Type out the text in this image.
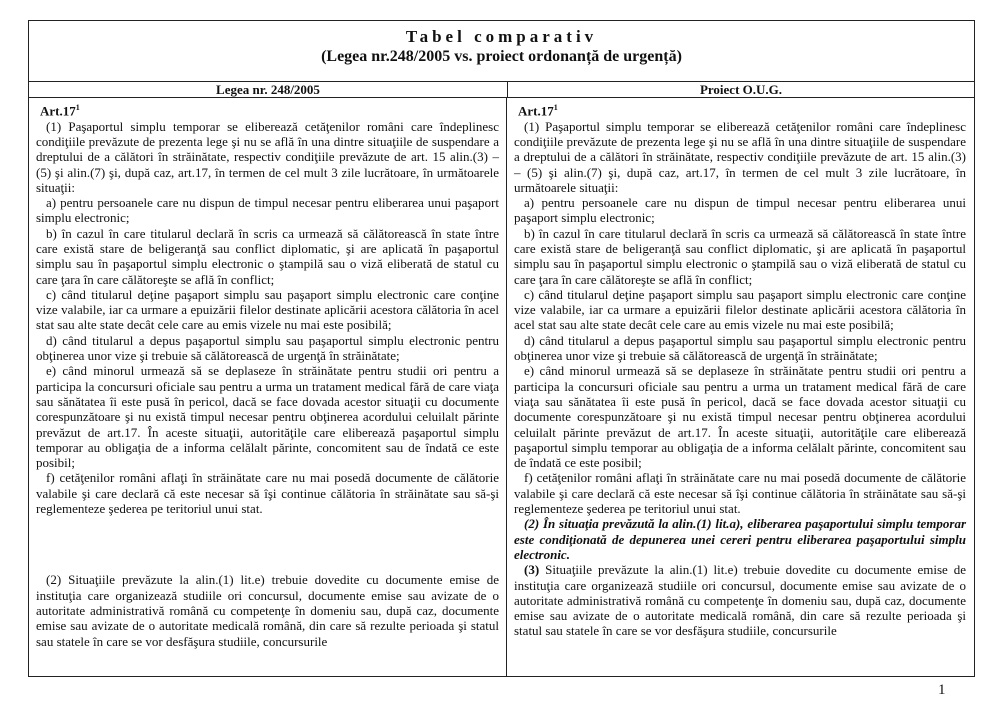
Tabel comparativ
(Legea nr.248/2005 vs. proiect ordonanță de urgență)
Legea nr. 248/2005	Proiect O.U.G.
$Art.17^1$

(1) Paşaportul simplu temporar se eliberează cetăţenilor români care îndeplinesc condiţiile prevăzute de prezenta lege şi nu se află în una dintre situaţiile de suspendare a dreptului de a călători în străinătate, respectiv condiţiile prevăzute de art. 15 alin.(3) – (5) şi alin.(7) şi, după caz, art.17, în termen de cel mult 3 zile lucrătoare, în următoarele situaţii:

a) pentru persoanele care nu dispun de timpul necesar pentru eliberarea unui paşaport simplu electronic;

b) în cazul în care titularul declară în scris ca urmează să călătorească în state între care există stare de beligeranţă sau conflict diplomatic, şi are aplicată în paşaportul simplu sau în paşaportul simplu electronic o ştampilă sau o viză eliberată de statul cu care ţara în care călătoreşte se află în conflict;

c) când titularul deţine paşaport simplu sau paşaport simplu electronic care conţine vize valabile, iar ca urmare a epuizării filelor destinate aplicării acestora călătoria în acel stat sau alte state decât cele care au emis vizele nu mai este posibilă;

d) când titularul a depus paşaportul simplu sau paşaportul simplu electronic pentru obţinerea unor vize şi trebuie să călătorească de urgenţă în străinătate;

e) când minorul urmează să se deplaseze în străinătate pentru studii ori pentru a participa la concursuri oficiale sau pentru a urma un tratament medical fără de care viaţa sau sănătatea îi este pusă în pericol, dacă se face dovada acestor situaţii cu documente corespunzătoare şi nu există timpul necesar pentru obţinerea acordului celuilalt părinte prevăzut de art.17. În aceste situaţii, autorităţile care eliberează paşaportul simplu temporar au obligaţia de a informa celălalt părinte, concomitent sau de îndată ce este posibil;

f) cetăţenilor români aflaţi în străinătate care nu mai posedă documente de călătorie valabile şi care declară că este necesar să îşi continue călătoria în străinătate sau să-şi reglementeze şederea pe teritoriul unui stat.

(2) Situaţiile prevăzute la alin.(1) lit.e) trebuie dovedite cu documente emise de instituţia care organizează studiile ori concursul, documente emise sau avizate de o autoritate administrativă română cu competenţe în domeniu sau, după caz, documente emise sau avizate de o autoritate medicală română, din care să rezulte perioada şi statul sau statele în care se vor desfăşura studiile, concursurile

$Art.17^1$

(1) Paşaportul simplu temporar se eliberează cetăţenilor români care îndeplinesc condiţiile prevăzute de prezenta lege şi nu se află în una dintre situaţiile de suspendare a dreptului de a călători în străinătate, respectiv condiţiile prevăzute de art. 15 alin.(3) – (5) şi alin.(7) şi, după caz, art.17, în termen de cel mult 3 zile lucrătoare, în următoarele situaţii:

a) pentru persoanele care nu dispun de timpul necesar pentru eliberarea unui paşaport simplu electronic;

b) în cazul în care titularul declară în scris ca urmează să călătorească în state între care există stare de beligeranţă sau conflict diplomatic, şi are aplicată în paşaportul simplu sau în paşaportul simplu electronic o ştampilă sau o viză eliberată de statul cu care ţara în care călătoreşte se află în conflict;

c) când titularul deţine paşaport simplu sau paşaport simplu electronic care conţine vize valabile, iar ca urmare a epuizării filelor destinate aplicării acestora călătoria în acel stat sau alte state decât cele care au emis vizele nu mai este posibilă;

d) când titularul a depus paşaportul simplu sau paşaportul simplu electronic pentru obţinerea unor vize şi trebuie să călătorească de urgenţă în străinătate;

e) când minorul urmează să se deplaseze în străinătate pentru studii ori pentru a participa la concursuri oficiale sau pentru a urma un tratament medical fără de care viaţa sau sănătatea îi este pusă în pericol, dacă se face dovada acestor situaţii cu documente corespunzătoare şi nu există timpul necesar pentru obţinerea acordului celuilalt părinte prevăzut de art.17. În aceste situaţii, autorităţile care eliberează paşaportul simplu temporar au obligaţia de a informa celălalt părinte, concomitent sau de îndată ce este posibil;

f) cetăţenilor români aflaţi în străinătate care nu mai posedă documente de călătorie valabile şi care declară că este necesar să îşi continue călătoria în străinătate sau să-şi reglementeze şederea pe teritoriul unui stat.

(2) În situaţia prevăzută la alin.(1) lit.a), eliberarea paşaportului simplu temporar este condiţionată de depunerea unei cereri pentru eliberarea paşaportului simplu electronic.

(3) Situaţiile prevăzute la alin.(1) lit.e) trebuie dovedite cu documente emise de instituţia care organizează studiile ori concursul, documente emise sau avizate de o autoritate administrativă română cu competenţe în domeniu sau, după caz, documente emise sau avizate de o autoritate medicală română, din care să rezulte perioada şi statul sau statele în care se vor desfăşura studiile, concursurile

1
